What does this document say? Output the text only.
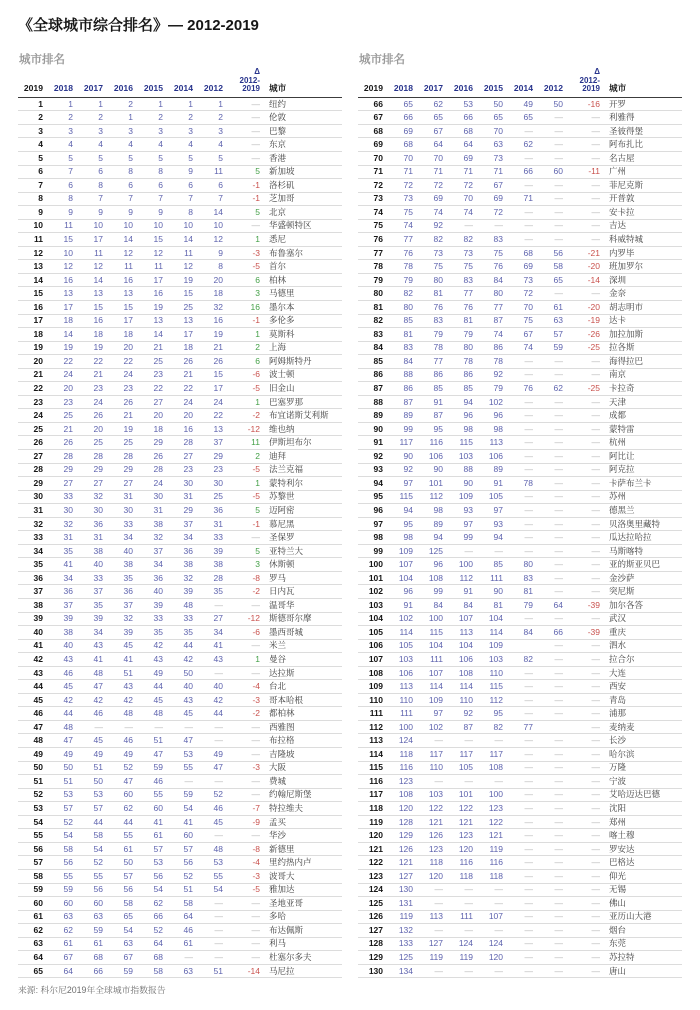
《全球城市综合排名》— 2012-2019
城市排名
2019	2018	2017	2016	2015	2014	2012	Δ
2012-
2019	城市
1	1	1	2	1	1	1	—	纽约
2	2	2	1	2	2	2	—	伦敦
3	3	3	3	3	3	3	—	巴黎
4	4	4	4	4	4	4	—	东京
5	5	5	5	5	5	5	—	香港
6	7	6	8	8	9	11	5	新加坡
7	6	8	6	6	6	6	-1	洛杉矶
8	8	7	7	7	7	7	-1	芝加哥
9	9	9	9	9	8	14	5	北京
10	11	10	10	10	10	10	—	华盛顿特区
11	15	17	14	15	14	12	1	悉尼
12	10	11	12	12	11	9	-3	布鲁塞尔
13	12	12	11	11	12	8	-5	首尔
14	16	14	16	17	19	20	6	柏林
15	13	13	13	16	15	18	3	马德里
16	17	15	15	19	25	32	16	墨尔本
17	18	16	17	13	13	16	-1	多伦多
18	14	18	18	14	17	19	1	莫斯科
19	19	19	20	21	18	21	2	上海
20	22	22	22	25	26	26	6	阿姆斯特丹
21	24	21	24	23	21	15	-6	波士顿
22	20	23	23	22	22	17	-5	旧金山
23	23	24	26	27	24	24	1	巴塞罗那
24	25	26	21	20	20	22	-2	布宜诺斯艾利斯
25	21	20	19	18	16	13	-12	维也纳
26	26	25	25	29	28	37	11	伊斯坦布尔
27	28	28	28	26	27	29	2	迪拜
28	29	29	29	28	23	23	-5	法兰克福
29	27	27	27	24	30	30	1	蒙特利尔
30	33	32	31	30	31	25	-5	苏黎世
31	30	30	30	31	29	36	5	迈阿密
32	32	36	33	38	37	31	-1	慕尼黑
33	31	31	34	32	34	33	—	圣保罗
34	35	38	40	37	36	39	5	亚特兰大
35	41	40	38	34	38	38	3	休斯顿
36	34	33	35	36	32	28	-8	罗马
37	36	37	36	40	39	35	-2	日内瓦
38	37	35	37	39	48	—	—	温哥华
39	39	39	32	33	33	27	-12	斯德哥尔摩
40	38	34	39	35	35	34	-6	墨西哥城
41	40	43	45	42	44	41	—	米兰
42	43	41	41	43	42	43	1	曼谷
43	46	48	51	49	50	—	—	达拉斯
44	45	47	43	44	40	40	-4	台北
45	42	42	42	45	43	42	-3	哥本哈根
46	44	46	48	48	45	44	-2	都柏林
47	48	—	—	—	—	—	—	西雅图
48	47	45	46	51	47	—	—	布拉格
49	49	49	49	47	53	49	—	吉隆坡
50	50	51	52	59	55	47	-3	大阪
51	51	50	47	46	—	—	—	费城
52	53	53	60	55	59	52	—	约翰尼斯堡
53	57	57	62	60	54	46	-7	特拉维夫
54	52	44	44	41	41	45	-9	孟买
55	54	58	55	61	60	—	—	华沙
56	58	54	61	57	57	48	-8	新德里
57	56	52	50	53	56	53	-4	里约热内卢
58	55	55	57	56	52	55	-3	波哥大
59	59	56	56	54	51	54	-5	雅加达
60	60	60	58	62	58	—	—	圣地亚哥
61	63	63	65	66	64	—	—	多哈
62	62	59	54	52	46	—	—	布达佩斯
63	61	61	63	64	61	—	—	利马
64	67	68	67	68	—	—	—	杜塞尔多夫
65	64	66	59	58	63	51	-14	马尼拉
城市排名
2019	2018	2017	2016	2015	2014	2012	Δ
2012-
2019	城市
66	65	62	53	50	49	50	-16	开罗
67	66	65	66	65	65	—	—	利雅得
68	69	67	68	70	—	—	—	圣彼得堡
69	68	64	64	63	62	—	—	阿布扎比
70	70	70	69	73	—	—	—	名古屋
71	71	71	71	71	66	60	-11	广州
72	72	72	72	67	—	—	—	菲尼克斯
73	73	69	70	69	71	—	—	开普敦
74	75	74	74	72	—	—	—	安卡拉
75	74	92	—	—	—	—	—	吉达
76	77	82	82	83	—	—	—	科威特城
77	76	73	73	75	68	56	-21	内罗毕
78	78	75	75	76	69	58	-20	班加罗尔
79	79	80	83	84	73	65	-14	深圳
80	82	81	77	80	72	—	—	金奈
81	80	76	76	77	70	61	-20	胡志明市
82	85	83	81	87	75	63	-19	达卡
83	81	79	79	74	67	57	-26	加拉加斯
84	83	78	80	86	74	59	-25	拉各斯
85	84	77	78	78	—	—	—	海得拉巴
86	88	86	86	92	—	—	—	南京
87	86	85	85	79	76	62	-25	卡拉奇
88	87	91	94	102	—	—	—	天津
89	89	87	96	96	—	—	—	成都
90	99	95	98	98	—	—	—	蒙特雷
91	117	116	115	113	—	—	—	杭州
92	90	106	103	106	—	—	—	阿比让
93	92	90	88	89	—	—	—	阿克拉
94	97	101	90	91	78	—	—	卡萨布兰卡
95	115	112	109	105	—	—	—	苏州
96	94	98	93	97	—	—	—	德黑兰
97	95	89	97	93	—	—	—	贝洛奥里藏特
98	98	94	99	94	—	—	—	瓜达拉哈拉
99	109	125	—	—	—	—	—	马斯喀特
100	107	96	100	85	80	—	—	亚的斯亚贝巴
101	104	108	112	111	83	—	—	金沙萨
102	96	99	91	90	81	—	—	突尼斯
103	91	84	84	81	79	64	-39	加尔各答
104	102	100	107	104	—	—	—	武汉
105	114	115	113	114	84	66	-39	重庆
106	105	104	104	109		—	—	泗水
107	103	111	106	103	82	—	—	拉合尔
108	106	107	108	110	—	—	—	大连
109	113	114	114	115	—	—	—	西安
110	110	109	110	112	—	—	—	青岛
111	111	97	92	95	—	—	—	浦那
112	100	102	87	82	77		—	麦纳麦
113	124	—	—	—	—	—	—	长沙
114	118	117	117	117	—	—	—	哈尔滨
115	116	110	105	108	—	—	—	万隆
116	123	—	—	—	—	—	—	宁波
117	108	103	101	100	—	—	—	艾哈迈达巴德
118	120	122	122	123	—	—	—	沈阳
119	128	121	121	122	—	—	—	郑州
120	129	126	123	121	—	—	—	喀土穆
121	126	123	120	119	—	—	—	罗安达
122	121	118	116	116	—	—	—	巴格达
123	127	120	118	118	—	—	—	仰光
124	130	—	—	—	—	—	—	无锡
125	131	—	—	—	—	—	—	佛山
126	119	113	111	107	—	—	—	亚历山大港
127	132	—	—	—	—	—	—	烟台
128	133	127	124	124	—	—	—	东莞
129	125	119	119	120	—	—	—	苏拉特
130	134	—	—	—	—	—	—	唐山
来源: 科尔尼2019年全球城市指数报告
